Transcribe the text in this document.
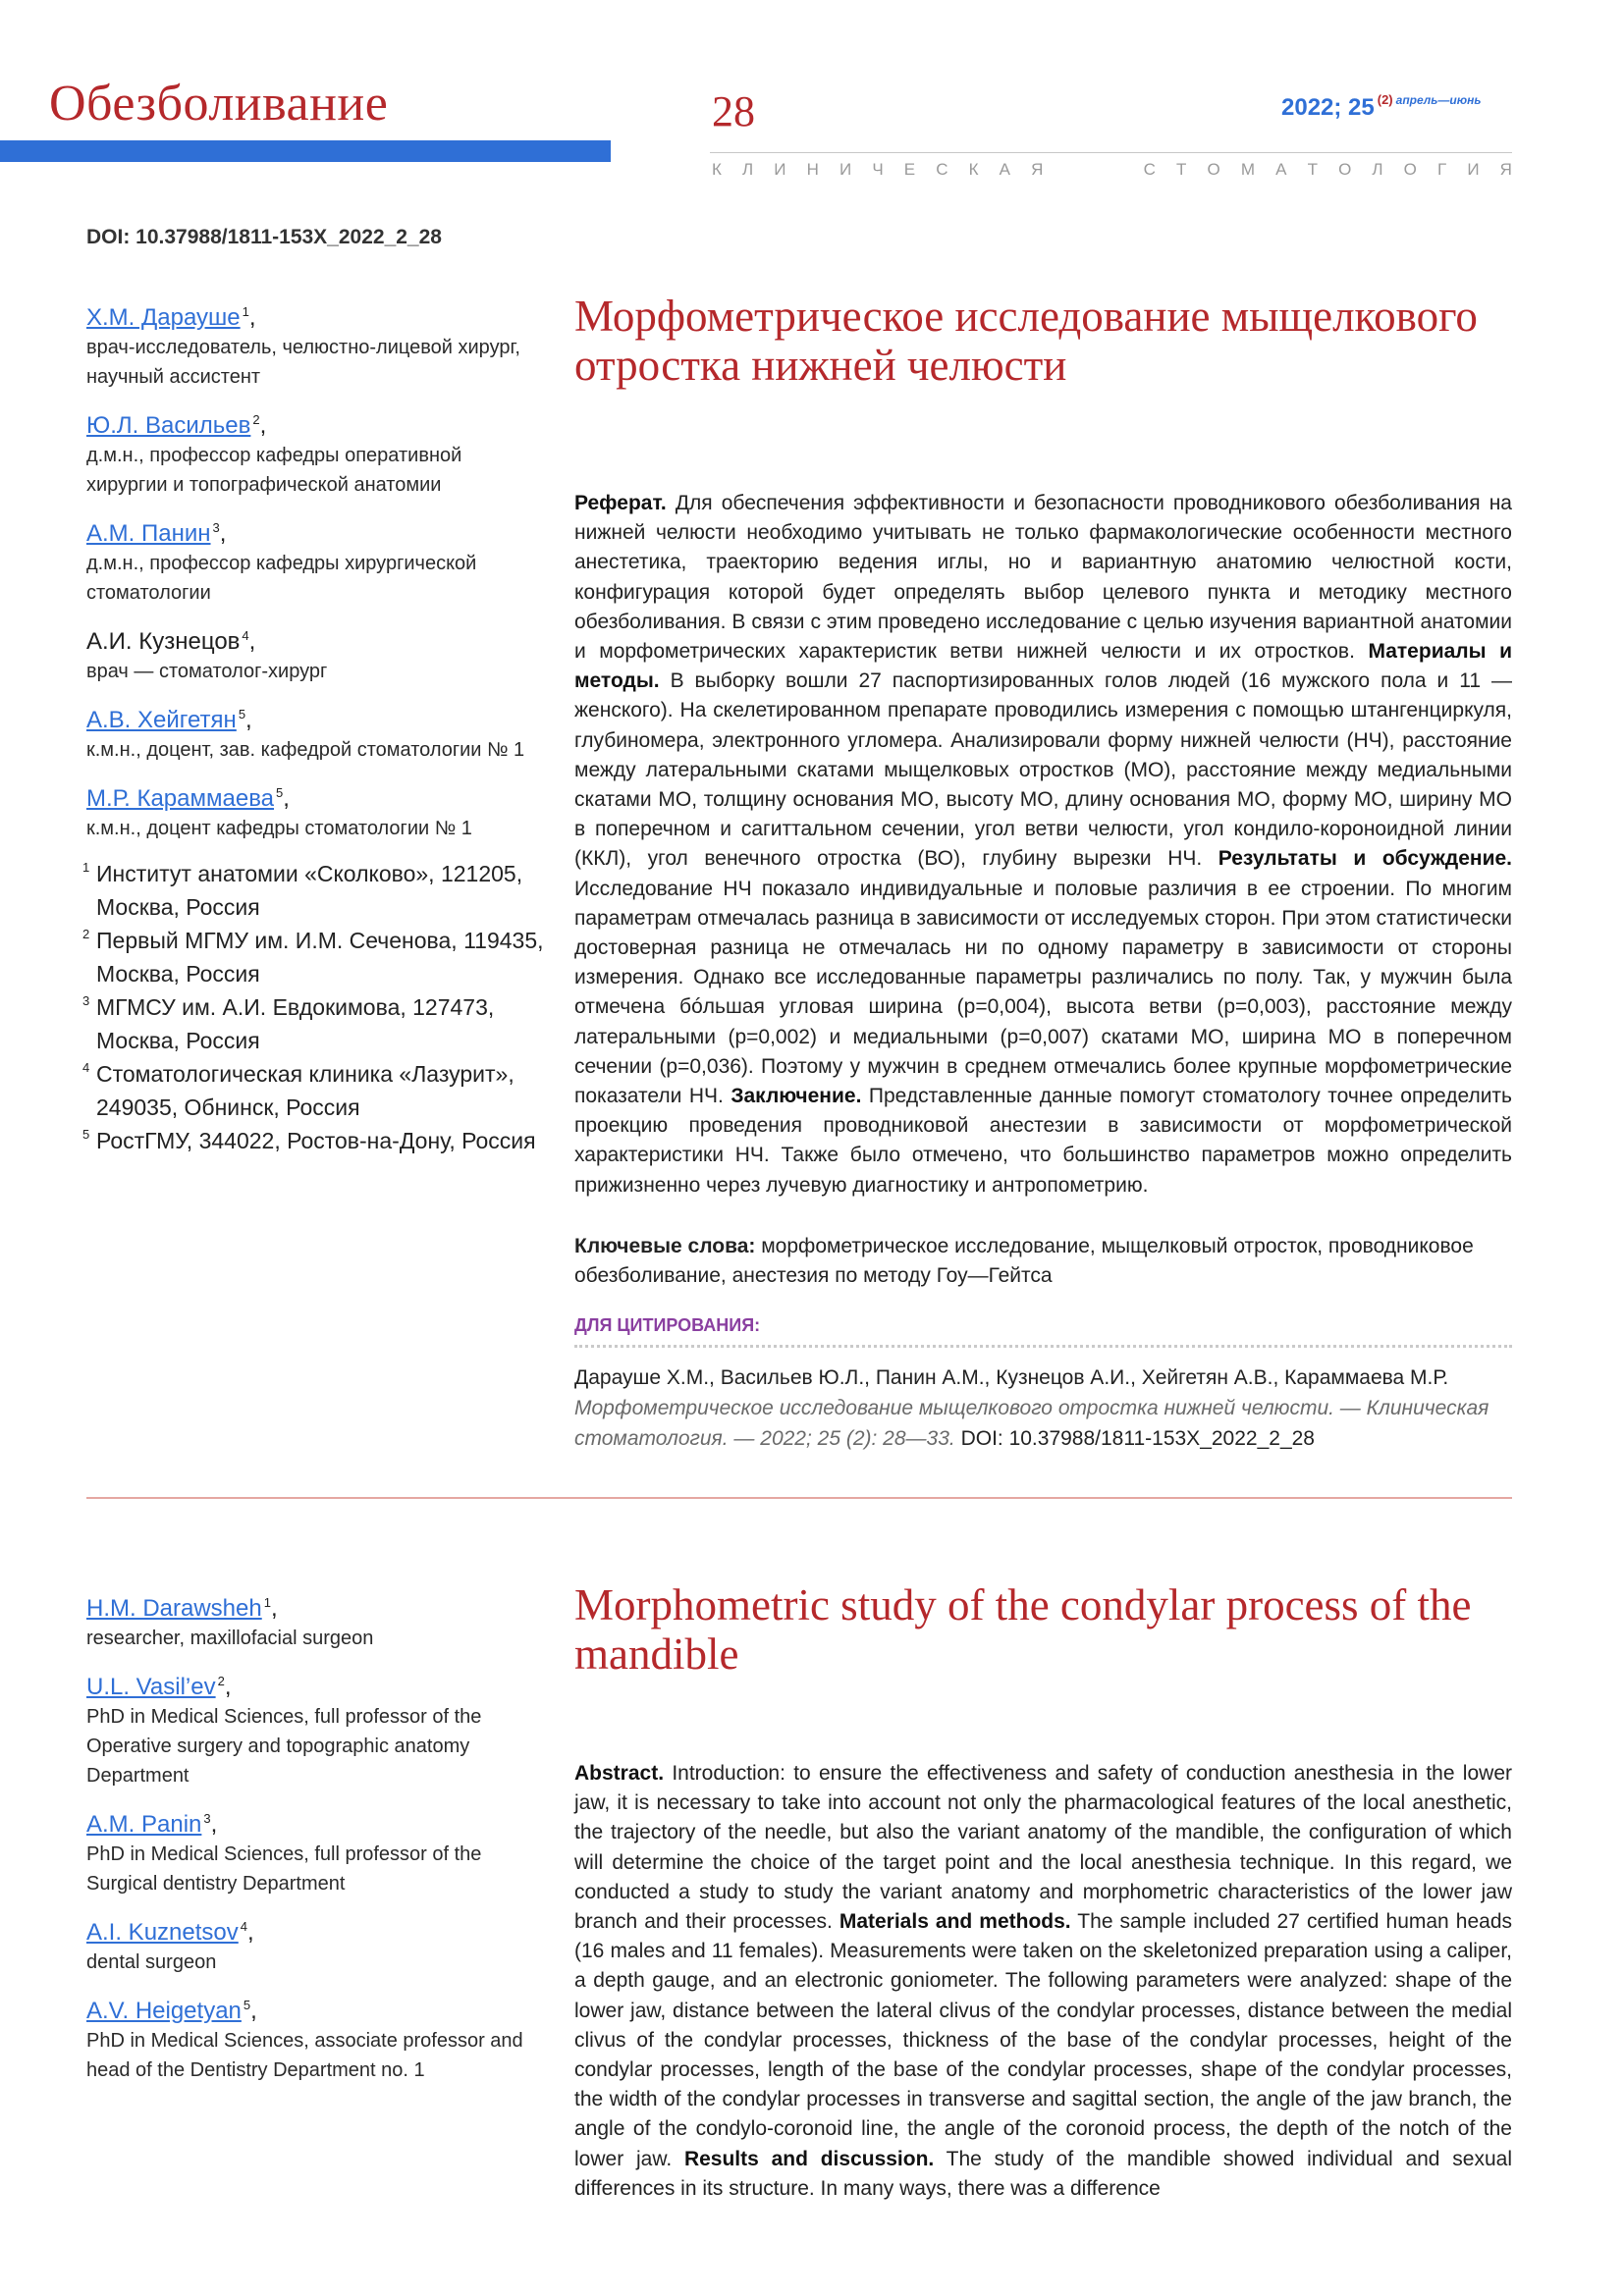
Обезболивание	28	2022; 25 $^{(2)}$ $^{апрель—июнь}$
К Л И Н И Ч Е С К А Я	С Т О М А Т О Л О Г И Я
DOI: 10.37988/1811-153X_2022_2_28
Х.М. Дарауше $^1$,
врач-исследователь, челюстно-лицевой хирург, научный ассистент
Ю.Л. Васильев $^2$,
д.м.н., профессор кафедры оперативной хирургии и топографической анатомии
А.М. Панин $^3$,
д.м.н., профессор кафедры хирургической стоматологии
А.И. Кузнецов $^4$,
врач — стоматолог-хирург
А.В. Хейгетян $^5$,
к.м.н., доцент, зав. кафедрой стоматологии № 1
М.Р. Караммаева $^5$,
к.м.н., доцент кафедры стоматологии № 1
1 Институт анатомии «Сколково», 121205, Москва, Россия
2 Первый МГМУ им. И.М. Сеченова, 119435, Москва, Россия
3 МГМСУ им. А.И. Евдокимова, 127473, Москва, Россия
4 Стоматологическая клиника «Лазурит», 249035, Обнинск, Россия
5 РостГМУ, 344022, Ростов-на-Дону, Россия
Морфометрическое исследование мыщелкового отростка нижней челюсти
Реферат. Для обеспечения эффективности и безопасности проводникового обезболивания на нижней челюсти необходимо учитывать не только фармакологические особенности местного анестетика, траекторию ведения иглы, но и вариантную анатомию челюстной кости, конфигурация которой будет определять выбор целевого пункта и методику местного обезболивания. В связи с этим проведено исследование с целью изучения вариантной анатомии и морфометрических характеристик ветви нижней челюсти и их отростков. Материалы и методы. В выборку вошли 27 паспортизированных голов людей (16 мужского пола и 11 — женского). На скелетированном препарате проводились измерения с помощью штангенциркуля, глубиномера, электронного угломера. Анализировали форму нижней челюсти (НЧ), расстояние между латеральными скатами мыщелковых отростков (МО), расстояние между медиальными скатами МО, толщину основания МО, высоту МО, длину основания МО, форму МО, ширину МО в поперечном и сагиттальном сечении, угол ветви челюсти, угол кондило-короноидной линии (ККЛ), угол венечного отростка (ВО), глубину вырезки НЧ. Результаты и обсуждение. Исследование НЧ показало индивидуальные и половые различия в ее строении. По многим параметрам отмечалась разница в зависимости от исследуемых сторон. При этом статистически достоверная разница не отмечалась ни по одному параметру в зависимости от стороны измерения. Однако все исследованные параметры различались по полу. Так, у мужчин была отмечена бóльшая угловая ширина (p=0,004), высота ветви (p=0,003), расстояние между латеральными (p=0,002) и медиальными (p=0,007) скатами МО, ширина МО в поперечном сечении (p=0,036). Поэтому у мужчин в среднем отмечались более крупные морфометрические показатели НЧ. Заключение. Представленные данные помогут стоматологу точнее определить проекцию проведения проводниковой анестезии в зависимости от морфометрической характеристики НЧ. Также было отмечено, что большинство параметров можно определить прижизненно через лучевую диагностику и антропометрию.
Ключевые слова: морфометрическое исследование, мыщелковый отросток, проводниковое обезболивание, анестезия по методу Гоу—Гейтса
ДЛЯ ЦИТИРОВАНИЯ:
Дарауше Х.М., Васильев Ю.Л., Панин А.М., Кузнецов А.И., Хейгетян А.В., Караммаева М.Р. Морфометрическое исследование мыщелкового отростка нижней челюсти. — Клиническая стоматология. — 2022; 25 (2): 28—33. DOI: 10.37988/1811-153X_2022_2_28
H.M. Darawsheh $^1$,
researcher, maxillofacial surgeon
U.L. Vasil’ev $^2$,
PhD in Medical Sciences, full professor of the Operative surgery and topographic anatomy Department
A.M. Panin $^3$,
PhD in Medical Sciences, full professor of the Surgical dentistry Department
A.I. Kuznetsov $^4$,
dental surgeon
A.V. Heigetyan $^5$,
PhD in Medical Sciences, associate professor and head of the Dentistry Department no. 1
Morphometric study of the condylar process of the mandible
Abstract. Introduction: to ensure the effectiveness and safety of conduction anesthesia in the lower jaw, it is necessary to take into account not only the pharmacological features of the local anesthetic, the trajectory of the needle, but also the variant anatomy of the mandible, the configuration of which will determine the choice of the target point and the local anesthesia technique. In this regard, we conducted a study to study the variant anatomy and morphometric characteristics of the lower jaw branch and their processes. Materials and methods. The sample included 27 certified human heads (16 males and 11 females). Measurements were taken on the skeletonized preparation using a caliper, a depth gauge, and an electronic goniometer. The following parameters were analyzed: shape of the lower jaw, distance between the lateral clivus of the condylar processes, distance between the medial clivus of the condylar processes, thickness of the base of the condylar processes, height of the condylar processes, length of the base of the condylar processes, shape of the condylar processes, the width of the condylar processes in transverse and sagittal section, the angle of the jaw branch, the angle of the condylo-coronoid line, the angle of the coronoid process, the depth of the notch of the lower jaw. Results and discussion. The study of the mandible showed individual and sexual differences in its structure. In many ways, there was a difference
